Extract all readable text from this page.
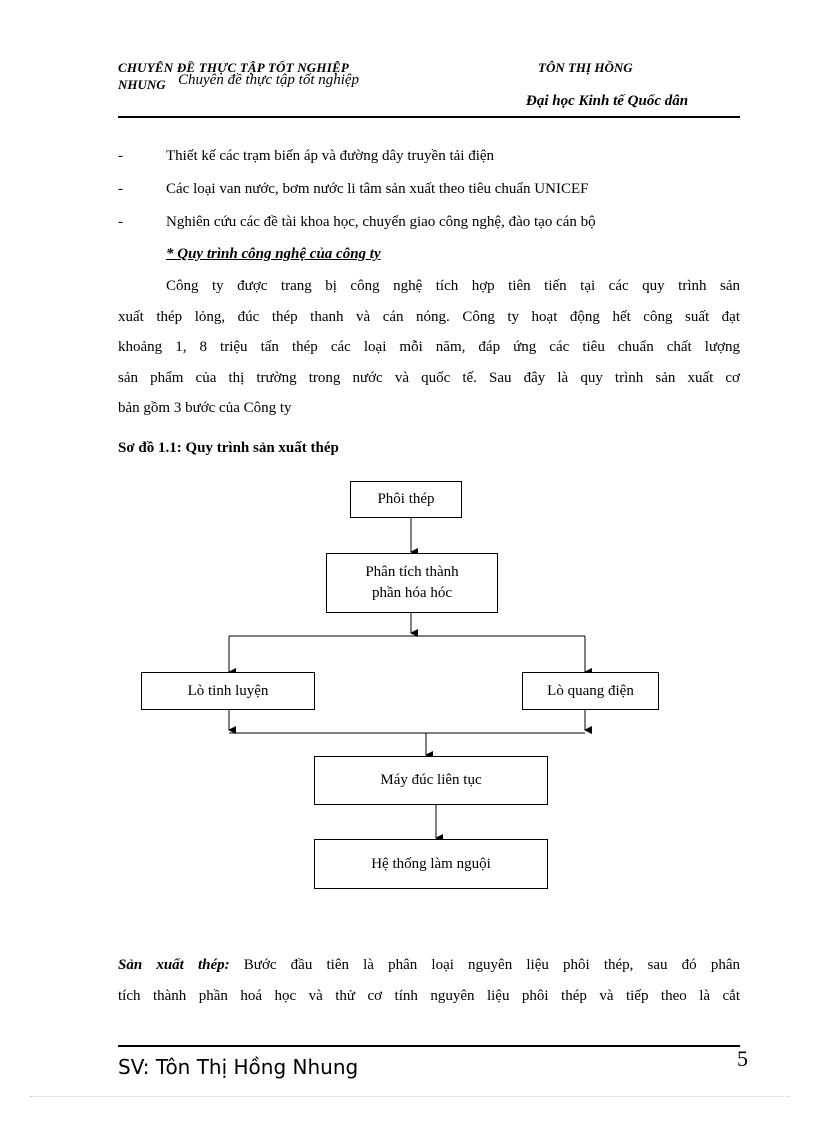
CHUYÊN ĐỀ THỰC TẬP TỐT NGHIỆP
NHUNG Chuyên đề thực tập tốt nghiệp
TÔN THỊ HỒNG
Đại học Kinh tế Quốc dân
-	Thiết kế các trạm biến áp và đường dây truyền tải điện
-	Các loại van nước, bơm nước li tâm sản xuất theo tiêu chuẩn UNICEF
-	Nghiên cứu các đề tài khoa học, chuyển giao công nghệ, đào tạo cán bộ
* Quy trình công nghệ của công ty
Công ty được trang bị công nghệ tích hợp tiên tiến tại các quy trình sản
xuất thép lỏng, đúc thép thanh và cán nóng. Công ty hoạt động hết công suất đạt
khoảng 1, 8 triệu tấn thép các loại mỗi năm, đáp ứng các tiêu chuẩn chất lượng
sản phẩm của thị trường trong nước và quốc tế. Sau đây là quy trình sản xuất cơ
bản gồm 3 bước của Công ty
Sơ đồ 1.1: Quy trình sản xuất thép
Phôi thép
Phân tích thành
phần hóa hóc
Lò tinh luyện	Lò quang điện
Máy đúc liên tục
Hệ thống làm nguội
Sản xuất thép: Bước đầu tiên là phân loại nguyên liệu phôi thép, sau đó phân
tích thành phần hoá học và thử cơ tính nguyên liệu phôi thép và tiếp theo là cắt
SV: Tôn Thị Hồng Nhung	5
